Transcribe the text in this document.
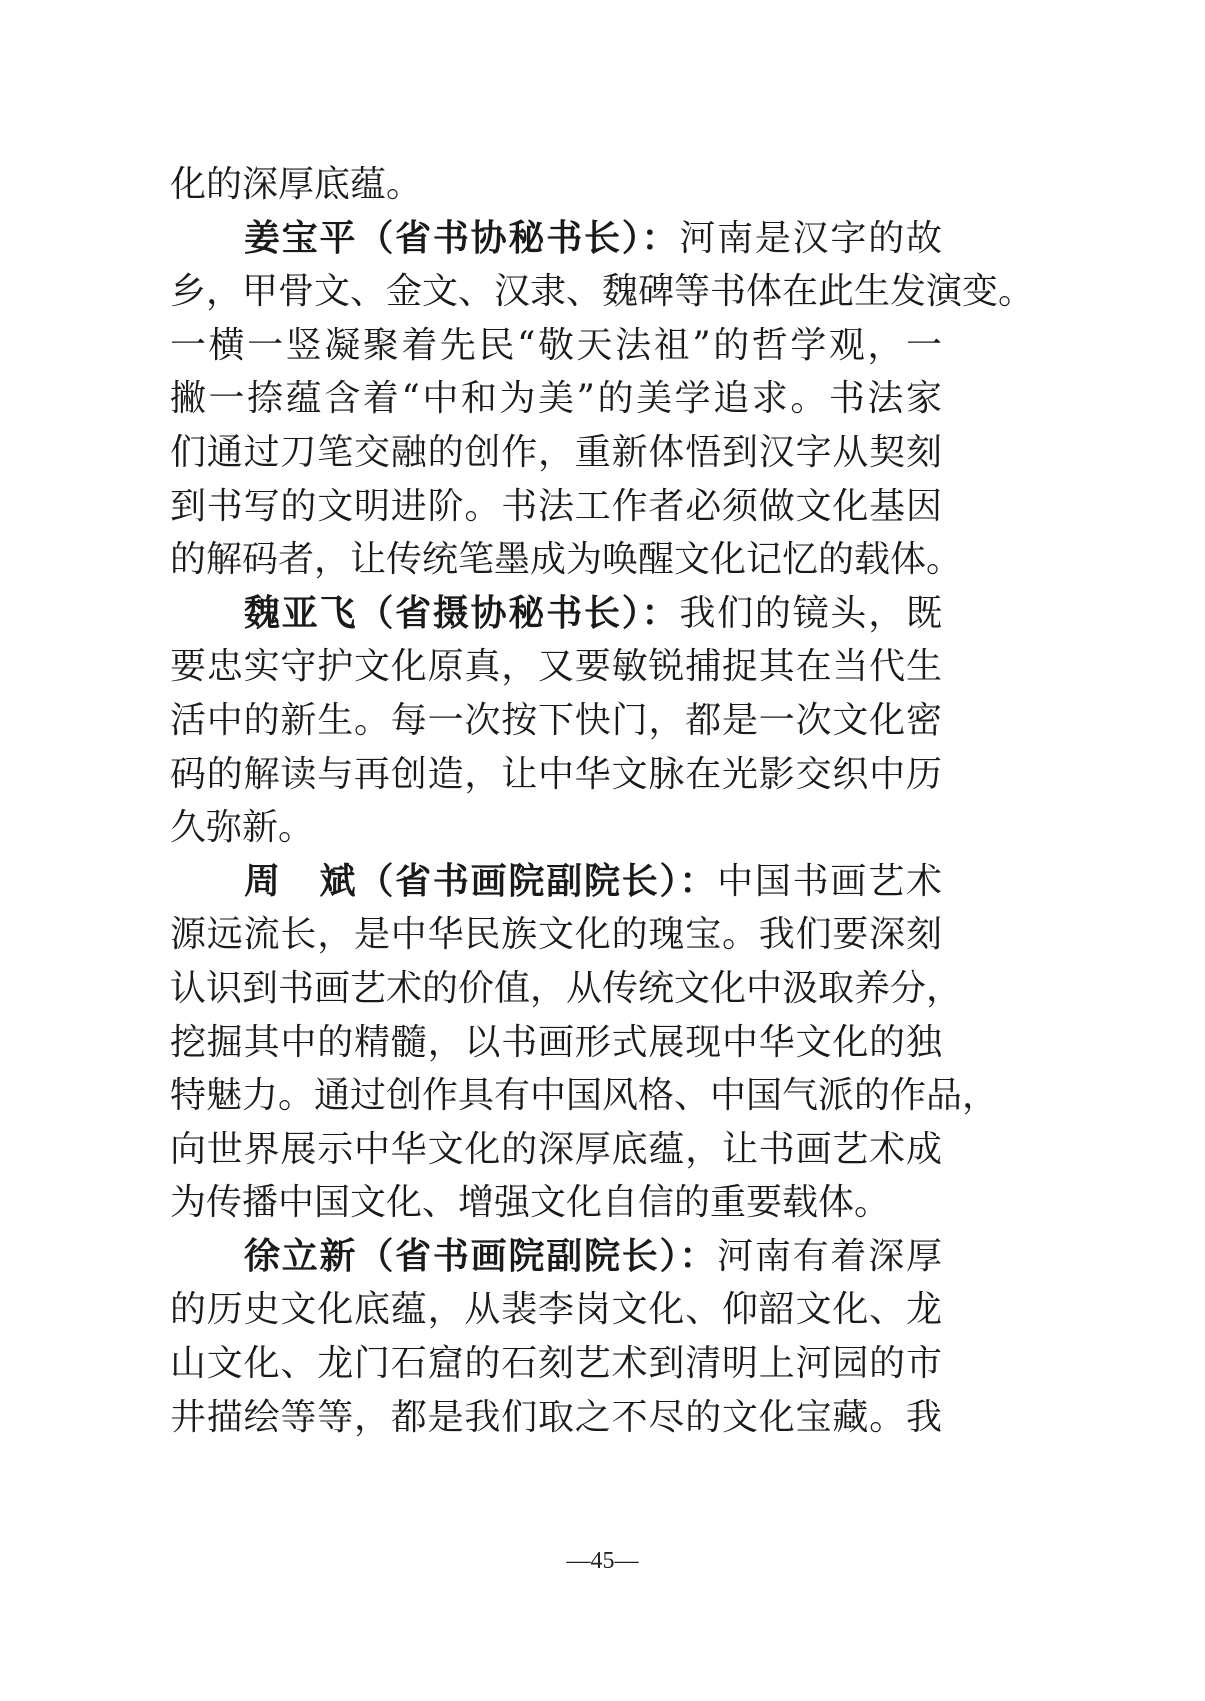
化的深厚底蕴。
姜宝平（省书协秘书长）：河南是汉字的故
乡，甲骨文、金文、汉隶、魏碑等书体在此生发演变。
一横一竖凝聚着先民“敬天法祖”的哲学观，一
撇一捺蕴含着“中和为美”的美学追求。书法家
们通过刀笔交融的创作，重新体悟到汉字从契刻
到书写的文明进阶。书法工作者必须做文化基因
的解码者，让传统笔墨成为唤醒文化记忆的载体。
魏亚飞（省摄协秘书长）：我们的镜头，既
要忠实守护文化原真，又要敏锐捕捉其在当代生
活中的新生。每一次按下快门，都是一次文化密
码的解读与再创造，让中华文脉在光影交织中历
久弥新。
周　斌（省书画院副院长）：中国书画艺术
源远流长，是中华民族文化的瑰宝。我们要深刻
认识到书画艺术的价值，从传统文化中汲取养分，
挖掘其中的精髓，以书画形式展现中华文化的独
特魅力。通过创作具有中国风格、中国气派的作品，
向世界展示中华文化的深厚底蕴，让书画艺术成
为传播中国文化、增强文化自信的重要载体。
徐立新（省书画院副院长）：河南有着深厚
的历史文化底蕴，从裴李岗文化、仰韶文化、龙
山文化、龙门石窟的石刻艺术到清明上河园的市
井描绘等等，都是我们取之不尽的文化宝藏。我
—45—
